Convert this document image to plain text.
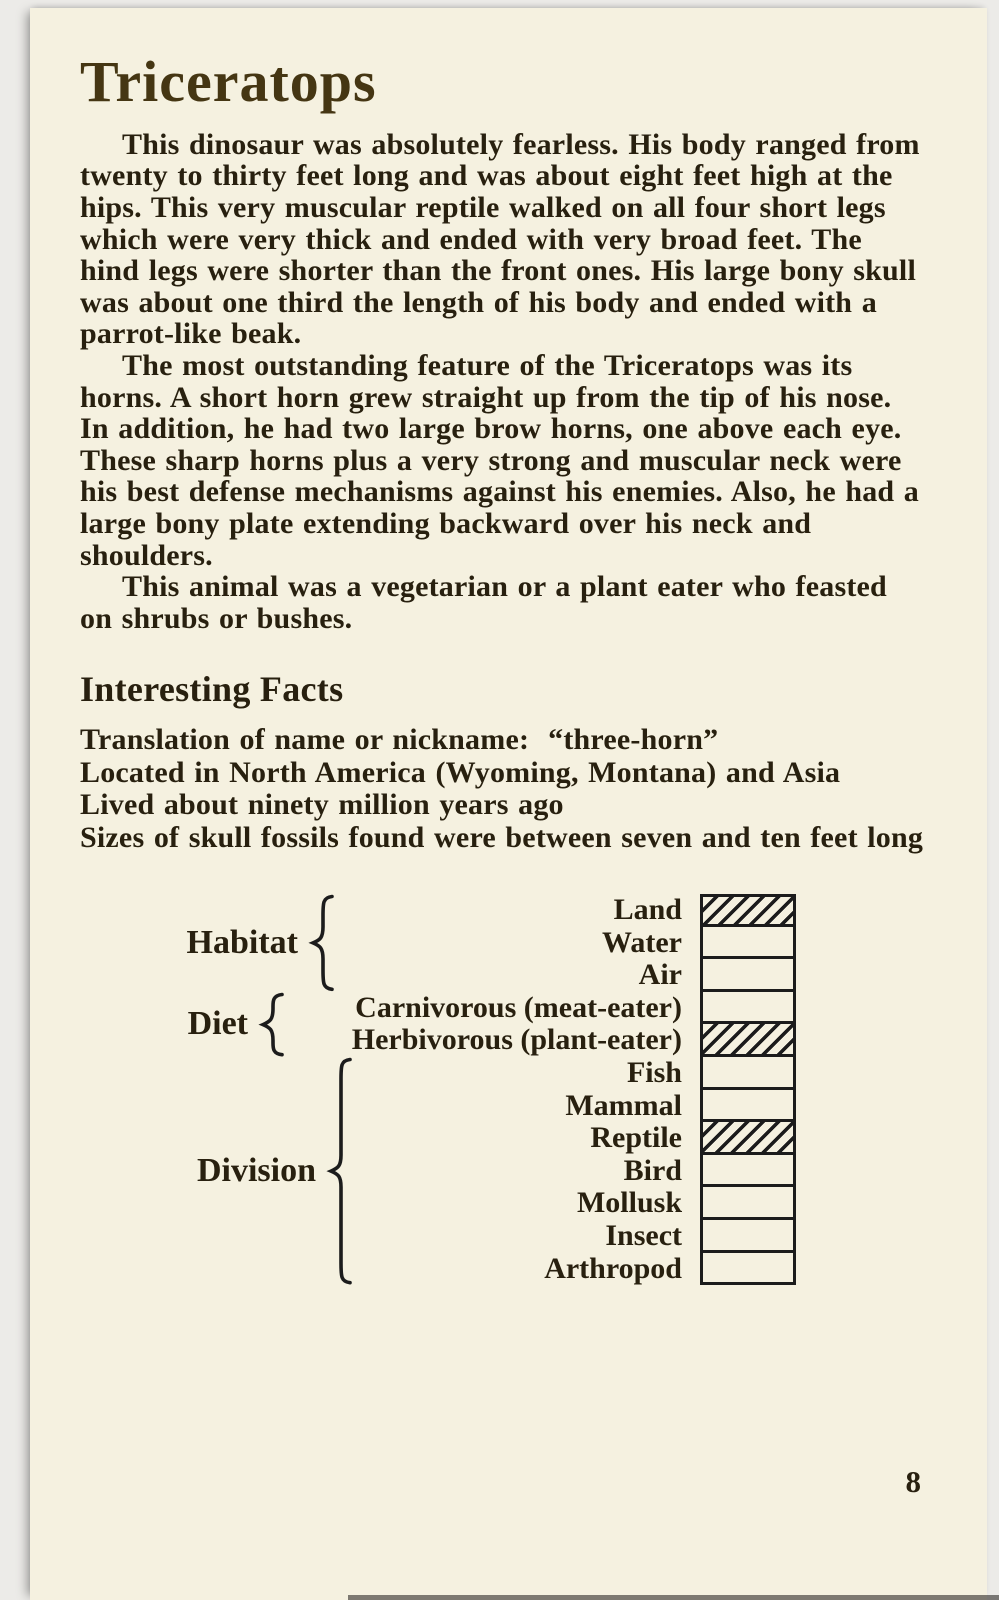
Triceratops

This dinosaur was absolutely fearless. His body ranged from twenty to thirty feet long and was about eight feet high at the hips. This very muscular reptile walked on all four short legs which were very thick and ended with very broad feet. The hind legs were shorter than the front ones. His large bony skull was about one third the length of his body and ended with a parrot-like beak.

The most outstanding feature of the Triceratops was its horns. A short horn grew straight up from the tip of his nose. In addition, he had two large brow horns, one above each eye. These sharp horns plus a very strong and muscular neck were his best defense mechanisms against his enemies. Also, he had a large bony plate extending backward over his neck and shoulders.

This animal was a vegetarian or a plant eater who feasted on shrubs or bushes.

Interesting Facts
Translation of name or nickname:  “three-horn”
Located in North America (Wyoming, Montana) and Asia
Lived about ninety million years ago
Sizes of skull fossils found were between seven and ten feet long
Land
Water
Air
Habitat
Carnivorous (meat-eater)
Herbivorous (plant-eater)
Diet
Fish
Mammal
Reptile
Bird
Mollusk
Insect
Arthropod
Division
8
